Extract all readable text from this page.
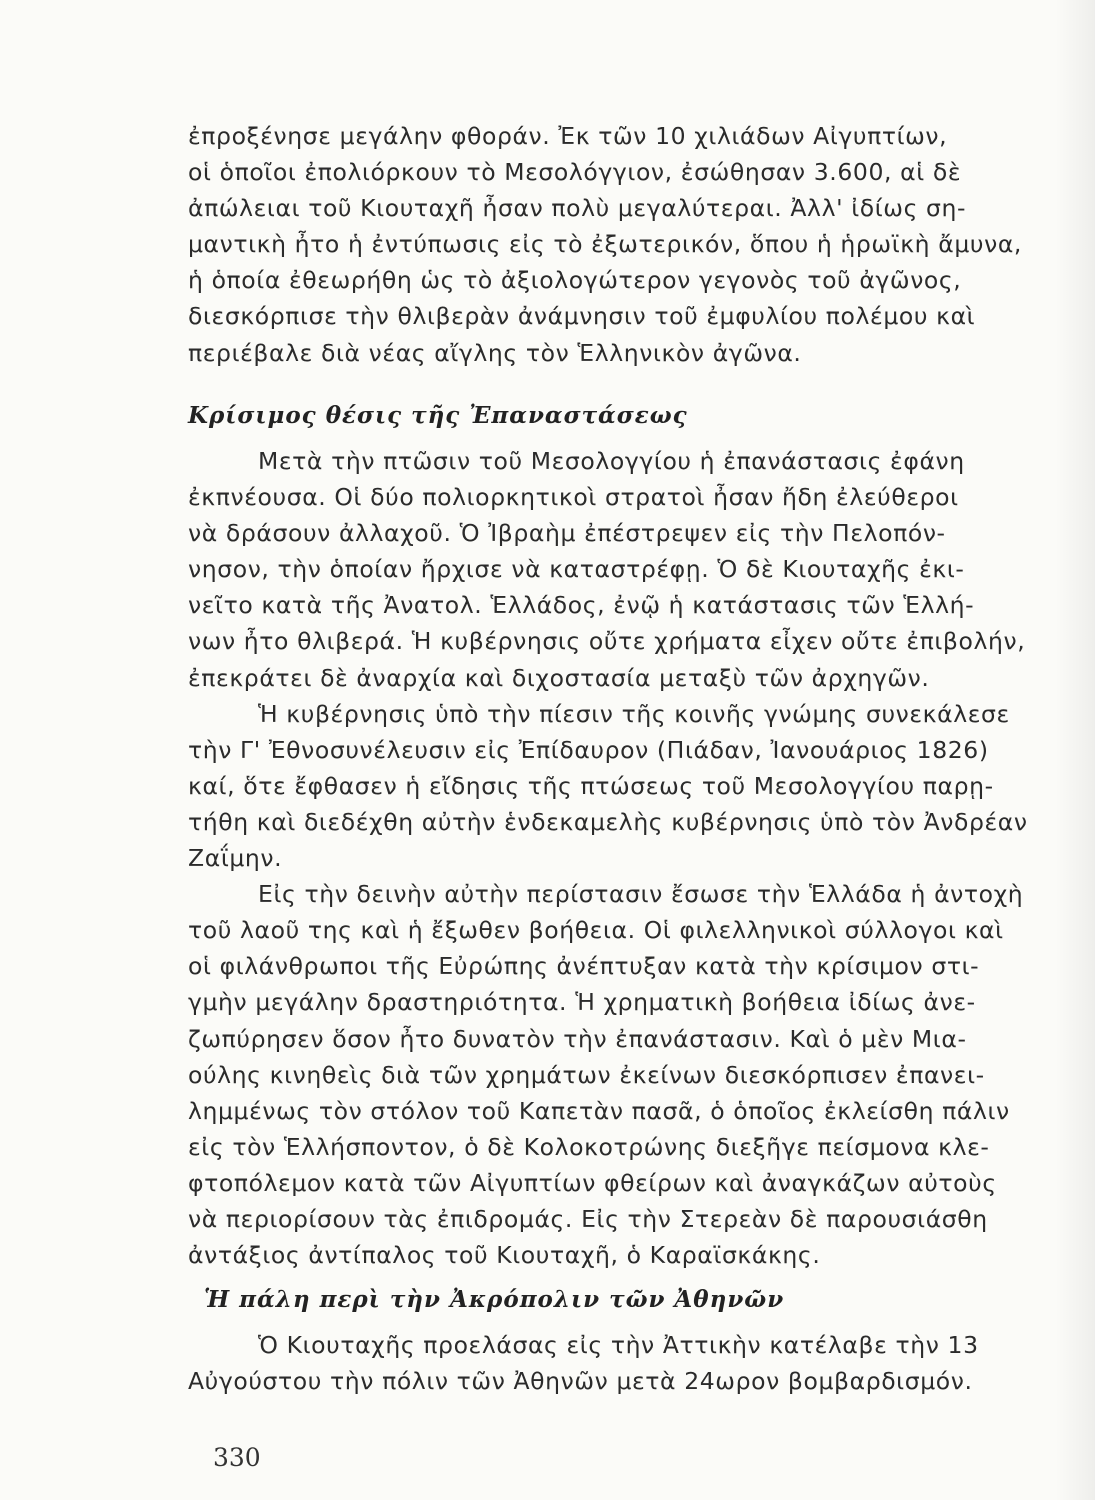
ἐπροξένησε μεγάλην φθοράν. Ἐκ τῶν 10 χιλιάδων Αἰγυπτίων,
οἱ ὁποῖοι ἐπολιόρκουν τὸ Μεσολόγγιον, ἐσώθησαν 3.600, αἱ δὲ
ἀπώλειαι τοῦ Κιουταχῆ ἦσαν πολὺ μεγαλύτεραι. Ἀλλ' ἰδίως ση-
μαντικὴ ἦτο ἡ ἐντύπωσις εἰς τὸ ἐξωτερικόν, ὅπου ἡ ἡρωϊκὴ ἄμυνα,
ἡ ὁποία ἐθεωρήθη ὡς τὸ ἀξιολογώτερον γεγονὸς τοῦ ἀγῶνος,
διεσκόρπισε τὴν θλιβερὰν ἀνάμνησιν τοῦ ἐμφυλίου πολέμου καὶ
περιέβαλε διὰ νέας αἴγλης τὸν Ἑλληνικὸν ἀγῶνα.
Κρίσιμος θέσις τῆς Ἐπαναστάσεως
Μετὰ τὴν πτῶσιν τοῦ Μεσολογγίου ἡ ἐπανάστασις ἐφάνη
ἐκπνέουσα. Οἱ δύο πολιορκητικοὶ στρατοὶ ἦσαν ἤδη ἐλεύθεροι
νὰ δράσουν ἀλλαχοῦ. Ὁ Ἰβραὴμ ἐπέστρεψεν εἰς τὴν Πελοπόν-
νησον, τὴν ὁποίαν ἤρχισε νὰ καταστρέφῃ. Ὁ δὲ Κιουταχῆς ἐκι-
νεῖτο κατὰ τῆς Ἀνατολ. Ἑλλάδος, ἐνῷ ἡ κατάστασις τῶν Ἑλλή-
νων ἦτο θλιβερά. Ἡ κυβέρνησις οὔτε χρήματα εἶχεν οὔτε ἐπιβολήν,
ἐπεκράτει δὲ ἀναρχία καὶ διχοστασία μεταξὺ τῶν ἀρχηγῶν.
Ἡ κυβέρνησις ὑπὸ τὴν πίεσιν τῆς κοινῆς γνώμης συνεκάλεσε
τὴν Γ' Ἐθνοσυνέλευσιν εἰς Ἐπίδαυρον (Πιάδαν, Ἰανουάριος 1826)
καί, ὅτε ἔφθασεν ἡ εἴδησις τῆς πτώσεως τοῦ Μεσολογγίου παρῃ-
τήθη καὶ διεδέχθη αὐτὴν ἑνδεκαμελὴς κυβέρνησις ὑπὸ τὸν Ἀνδρέαν
Ζαΐμην.
Εἰς τὴν δεινὴν αὐτὴν περίστασιν ἔσωσε τὴν Ἑλλάδα ἡ ἀντοχὴ
τοῦ λαοῦ της καὶ ἡ ἔξωθεν βοήθεια. Οἱ φιλελληνικοὶ σύλλογοι καὶ
οἱ φιλάνθρωποι τῆς Εὐρώπης ἀνέπτυξαν κατὰ τὴν κρίσιμον στι-
γμὴν μεγάλην δραστηριότητα. Ἡ χρηματικὴ βοήθεια ἰδίως ἀνε-
ζωπύρησεν ὅσον ἦτο δυνατὸν τὴν ἐπανάστασιν. Καὶ ὁ μὲν Μια-
ούλης κινηθεὶς διὰ τῶν χρημάτων ἐκείνων διεσκόρπισεν ἐπανει-
λημμένως τὸν στόλον τοῦ Καπετὰν πασᾶ, ὁ ὁποῖος ἐκλείσθη πάλιν
εἰς τὸν Ἑλλήσποντον, ὁ δὲ Κολοκοτρώνης διεξῆγε πείσμονα κλε-
φτοπόλεμον κατὰ τῶν Αἰγυπτίων φθείρων καὶ ἀναγκάζων αὐτοὺς
νὰ περιορίσουν τὰς ἐπιδρομάς. Εἰς τὴν Στερεὰν δὲ παρουσιάσθη
ἀντάξιος ἀντίπαλος τοῦ Κιουταχῆ, ὁ Καραϊσκάκης.
Ἡ πάλη περὶ τὴν Ἀκρόπολιν τῶν Ἀθηνῶν
Ὁ Κιουταχῆς προελάσας εἰς τὴν Ἀττικὴν κατέλαβε τὴν 13
Αὐγούστου τὴν πόλιν τῶν Ἀθηνῶν μετὰ 24ωρον βομβαρδισμόν.
330
